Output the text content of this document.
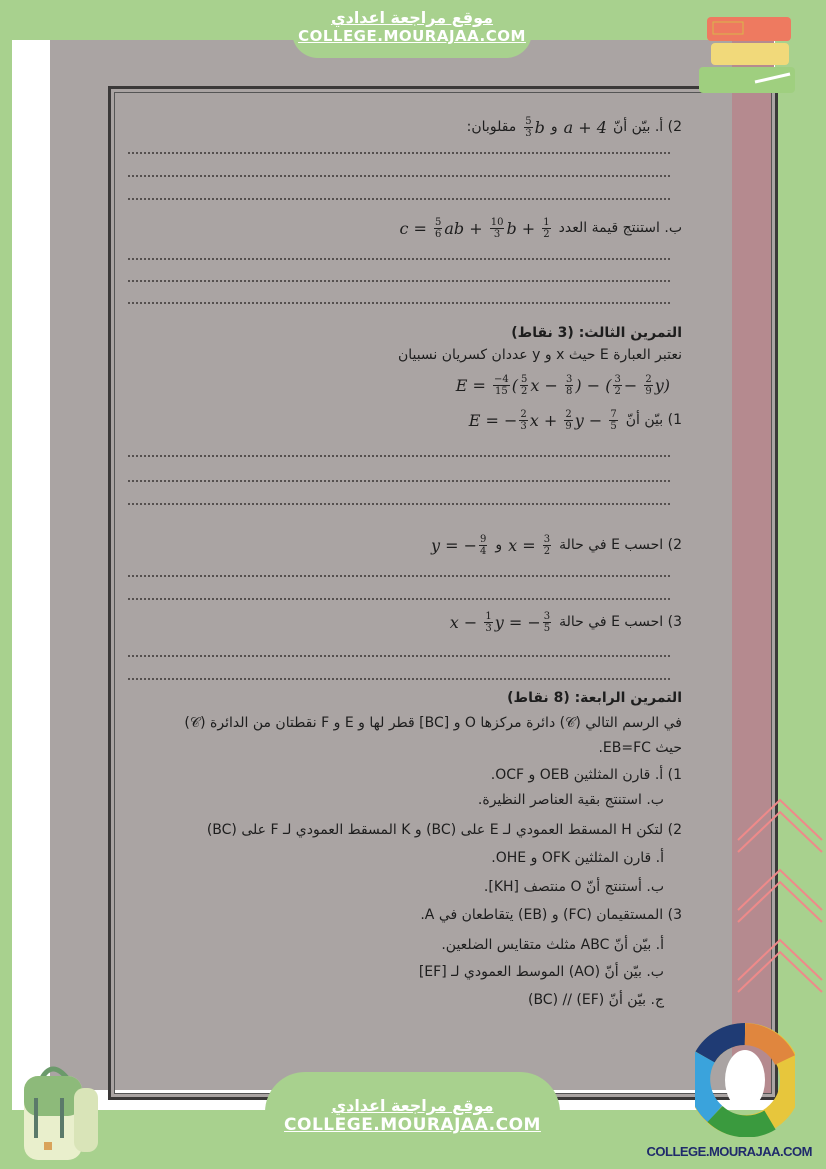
2) أ. بيّن أنّ
a + 4
و
$\frac{5}{3}$ b
مقلوبان:
ب. استنتج قيمة العدد
$c = \frac{5}{6}$ ab + $\frac{10}{3}$ $b + \frac{1}{2}$
التمرين الثالث: (3 نقاط)
نعتبر العبارة E حيث x و y عددان كسريان نسبيان
$E = \frac{-4}{15}$ ( $\frac{5}{2}$ $x - \frac{3}{8}$ ) − ( $\frac{3}{2} - \frac{2}{9} y$)
1) بيّن أنّ
E = − $\frac{2}{3}$ $x + \frac{2}{9}$ $y - \frac{7}{5}$
2) احسب E في حالة
$x = \frac{3}{2}$
و
y = − $\frac{9}{4}$
3) احسب E في حالة
$x - \frac{1}{3}$ y = − $\frac{3}{5}$
التمرين الرابعة: (8 نقاط)
في الرسم التالي (𝒞) دائرة مركزها O و [BC] قطر لها و E و F نقطتان من الدائرة (𝒞)
حيث EB=FC.
1) أ. قارن المثلثين OEB و OCF.
ب. استنتج بقية العناصر النظيرة.
2) لتكن H المسقط العمودي لـ E على (BC) و K المسقط العمودي لـ F على (BC)
أ. قارن المثلثين OFK و OHE.
ب. أستنتج أنّ O منتصف [KH].
3) المستقيمان (FC) و (EB) يتقاطعان في A.
أ. بيّن أنّ ABC مثلث متقايس الضلعين.
ب. بيّن أنّ (AO) الموسط العمودي لـ [EF]
ج. بيّن أنّ (EF) // (BC)
موقع مراجعة اعدادي
COLLEGE.MOURAJAA.COM
موقع مراجعة اعدادي
COLLEGE.MOURAJAA.COM
COLLEGE.MOURAJAA.COM
